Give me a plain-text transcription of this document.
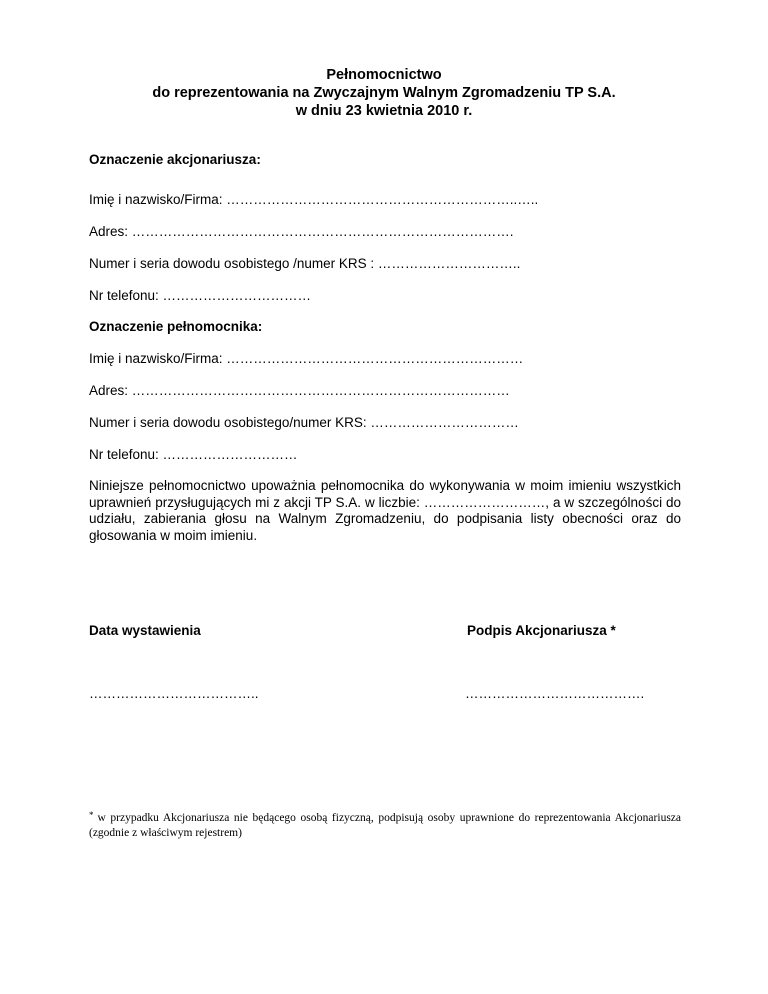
Pełnomocnictwo
do reprezentowania na Zwyczajnym Walnym Zgromadzeniu TP S.A.
w dniu 23 kwietnia 2010 r.
Oznaczenie akcjonariusza:
Imię i nazwisko/Firma: ………………………………………………………..…..
Adres: ………………………………………………………………………….
Numer i seria dowodu osobistego /numer KRS : …………………………..
Nr telefonu: ……………………………
Oznaczenie pełnomocnika:
Imię i nazwisko/Firma: …………………………………………………………
Adres: …………………………………………………………………………
Numer i seria dowodu osobistego/numer KRS: ……………………………
Nr telefonu: …………………………
Niniejsze pełnomocnictwo upoważnia pełnomocnika do wykonywania w moim imieniu wszystkich uprawnień przysługujących mi z akcji TP S.A. w liczbie: ………………………, a w szczególności do udziału, zabierania głosu na Walnym Zgromadzeniu, do podpisania listy obecności oraz do głosowania w moim imieniu.
Data wystawienia	Podpis Akcjonariusza *
………………………………..	………………………………….
* w przypadku Akcjonariusza nie będącego osobą fizyczną, podpisują osoby uprawnione do reprezentowania Akcjonariusza (zgodnie z właściwym rejestrem)
